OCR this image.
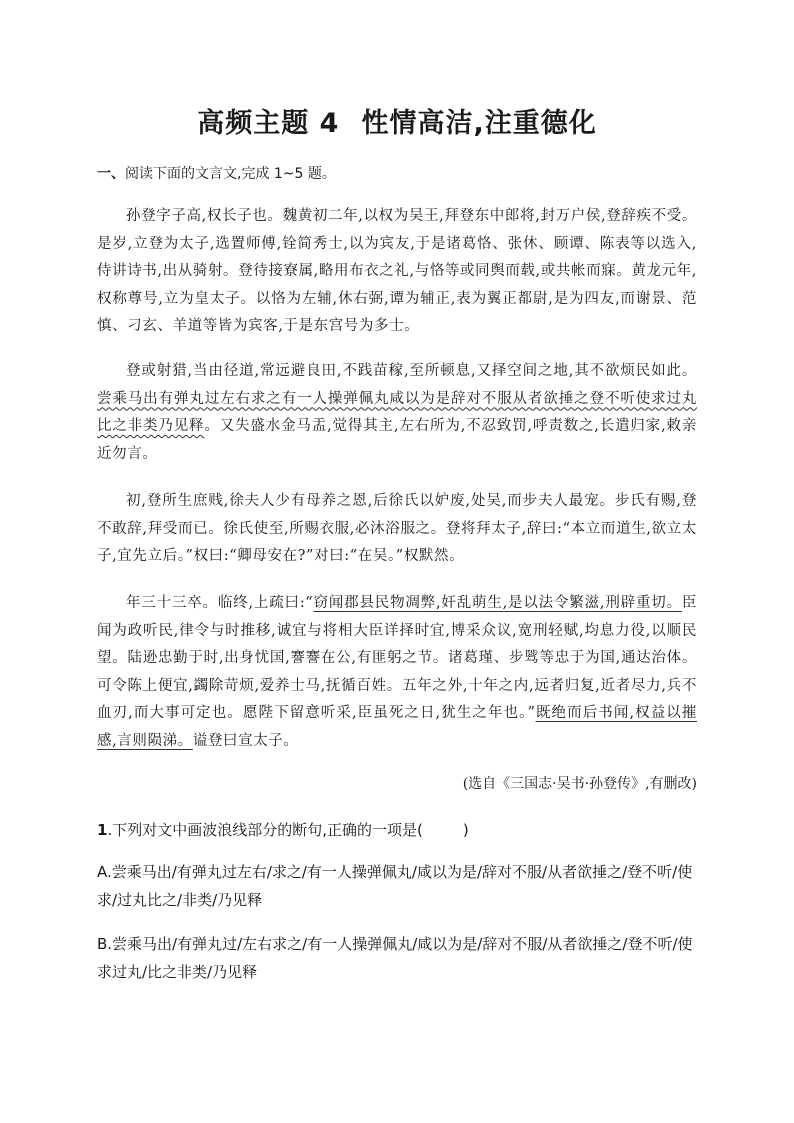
高频主题 4 性情高洁,注重德化
一、阅读下面的文言文,完成 1~5 题。

孙登字子高,权长子也。魏黄初二年,以权为吴王,拜登东中郎将,封万户侯,登辞疾不受。是岁,立登为太子,选置师傅,铨简秀士,以为宾友,于是诸葛恪、张休、顾谭、陈表等以选入,侍讲诗书,出从骑射。登待接寮属,略用布衣之礼,与恪等或同舆而载,或共帐而寐。黄龙元年,权称尊号,立为皇太子。以恪为左辅,休右弼,谭为辅正,表为翼正都尉,是为四友,而谢景、范慎、刁玄、羊道等皆为宾客,于是东宫号为多士。

登或射猎,当由径道,常远避良田,不践苗稼,至所顿息,又择空间之地,其不欲烦民如此。尝乘马出有弹丸过左右求之有一人操弹佩丸咸以为是辞对不服从者欲捶之登不听使求过丸比之非类乃见释。又失盛水金马盂,觉得其主,左右所为,不忍致罚,呼责数之,长遣归家,敕亲近勿言。

初,登所生庶贱,徐夫人少有母养之恩,后徐氏以妒废,处吴,而步夫人最宠。步氏有赐,登不敢辞,拜受而已。徐氏使至,所赐衣服,必沐浴服之。登将拜太子,辞曰:“本立而道生,欲立太子,宜先立后。”权曰:“卿母安在?”对曰:“在吴。”权默然。

年三十三卒。临终,上疏曰:“窃闻郡县民物凋弊,奸乱萌生,是以法令繁滋,刑辟重切。臣闻为政听民,律令与时推移,诚宜与将相大臣详择时宜,博采众议,宽刑轻赋,均息力役,以顺民望。陆逊忠勤于时,出身忧国,謇謇在公,有匪躬之节。诸葛瑾、步骘等忠于为国,通达治体。可令陈上便宜,蠲除苛烦,爱养士马,抚循百姓。五年之外,十年之内,远者归复,近者尽力,兵不血刃,而大事可定也。愿陛下留意听采,臣虽死之日,犹生之年也。”既绝而后书闻,权益以摧感,言则陨涕。谥登曰宣太子。

(选自《三国志·吴书·孙登传》,有删改)
1.下列对文中画波浪线部分的断句,正确的一项是(	)
A.尝乘马出/有弹丸过左右/求之/有一人操弹佩丸/咸以为是/辞对不服/从者欲捶之/登不听/使求/过丸比之/非类/乃见释
B.尝乘马出/有弹丸过/左右求之/有一人操弹佩丸/咸以为是/辞对不服/从者欲捶之/登不听/使求过丸/比之非类/乃见释
